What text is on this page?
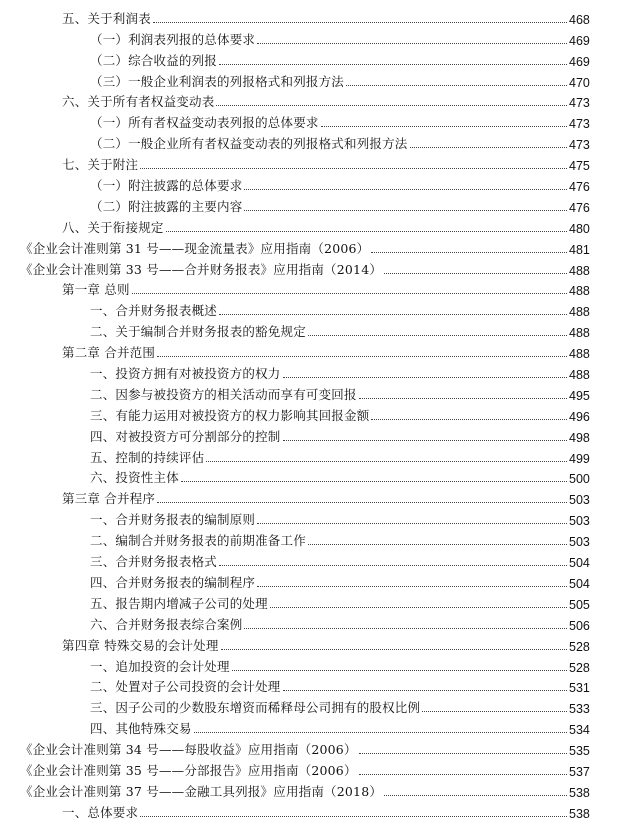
五、关于利润表	468
（一）利润表列报的总体要求	469
（二）综合收益的列报	469
（三）一般企业利润表的列报格式和列报方法	470
六、关于所有者权益变动表	473
（一）所有者权益变动表列报的总体要求	473
（二）一般企业所有者权益变动表的列报格式和列报方法	473
七、关于附注	475
（一）附注披露的总体要求	476
（二）附注披露的主要内容	476
八、关于衔接规定	480
《企业会计准则第 31 号——现金流量表》应用指南（2006）	481
《企业会计准则第 33 号——合并财务报表》应用指南（2014）	488
第一章 总则	488
一、合并财务报表概述	488
二、关于编制合并财务报表的豁免规定	488
第二章 合并范围	488
一、投资方拥有对被投资方的权力	488
二、因参与被投资方的相关活动而享有可变回报	495
三、有能力运用对被投资方的权力影响其回报金额	496
四、对被投资方可分割部分的控制	498
五、控制的持续评估	499
六、投资性主体	500
第三章 合并程序	503
一、合并财务报表的编制原则	503
二、编制合并财务报表的前期准备工作	503
三、合并财务报表格式	504
四、合并财务报表的编制程序	504
五、报告期内增减子公司的处理	505
六、合并财务报表综合案例	506
第四章 特殊交易的会计处理	528
一、追加投资的会计处理	528
二、处置对子公司投资的会计处理	531
三、因子公司的少数股东增资而稀释母公司拥有的股权比例	533
四、其他特殊交易	534
《企业会计准则第 34 号——每股收益》应用指南（2006）	535
《企业会计准则第 35 号——分部报告》应用指南（2006）	537
《企业会计准则第 37 号——金融工具列报》应用指南（2018）	538
一、总体要求	538
